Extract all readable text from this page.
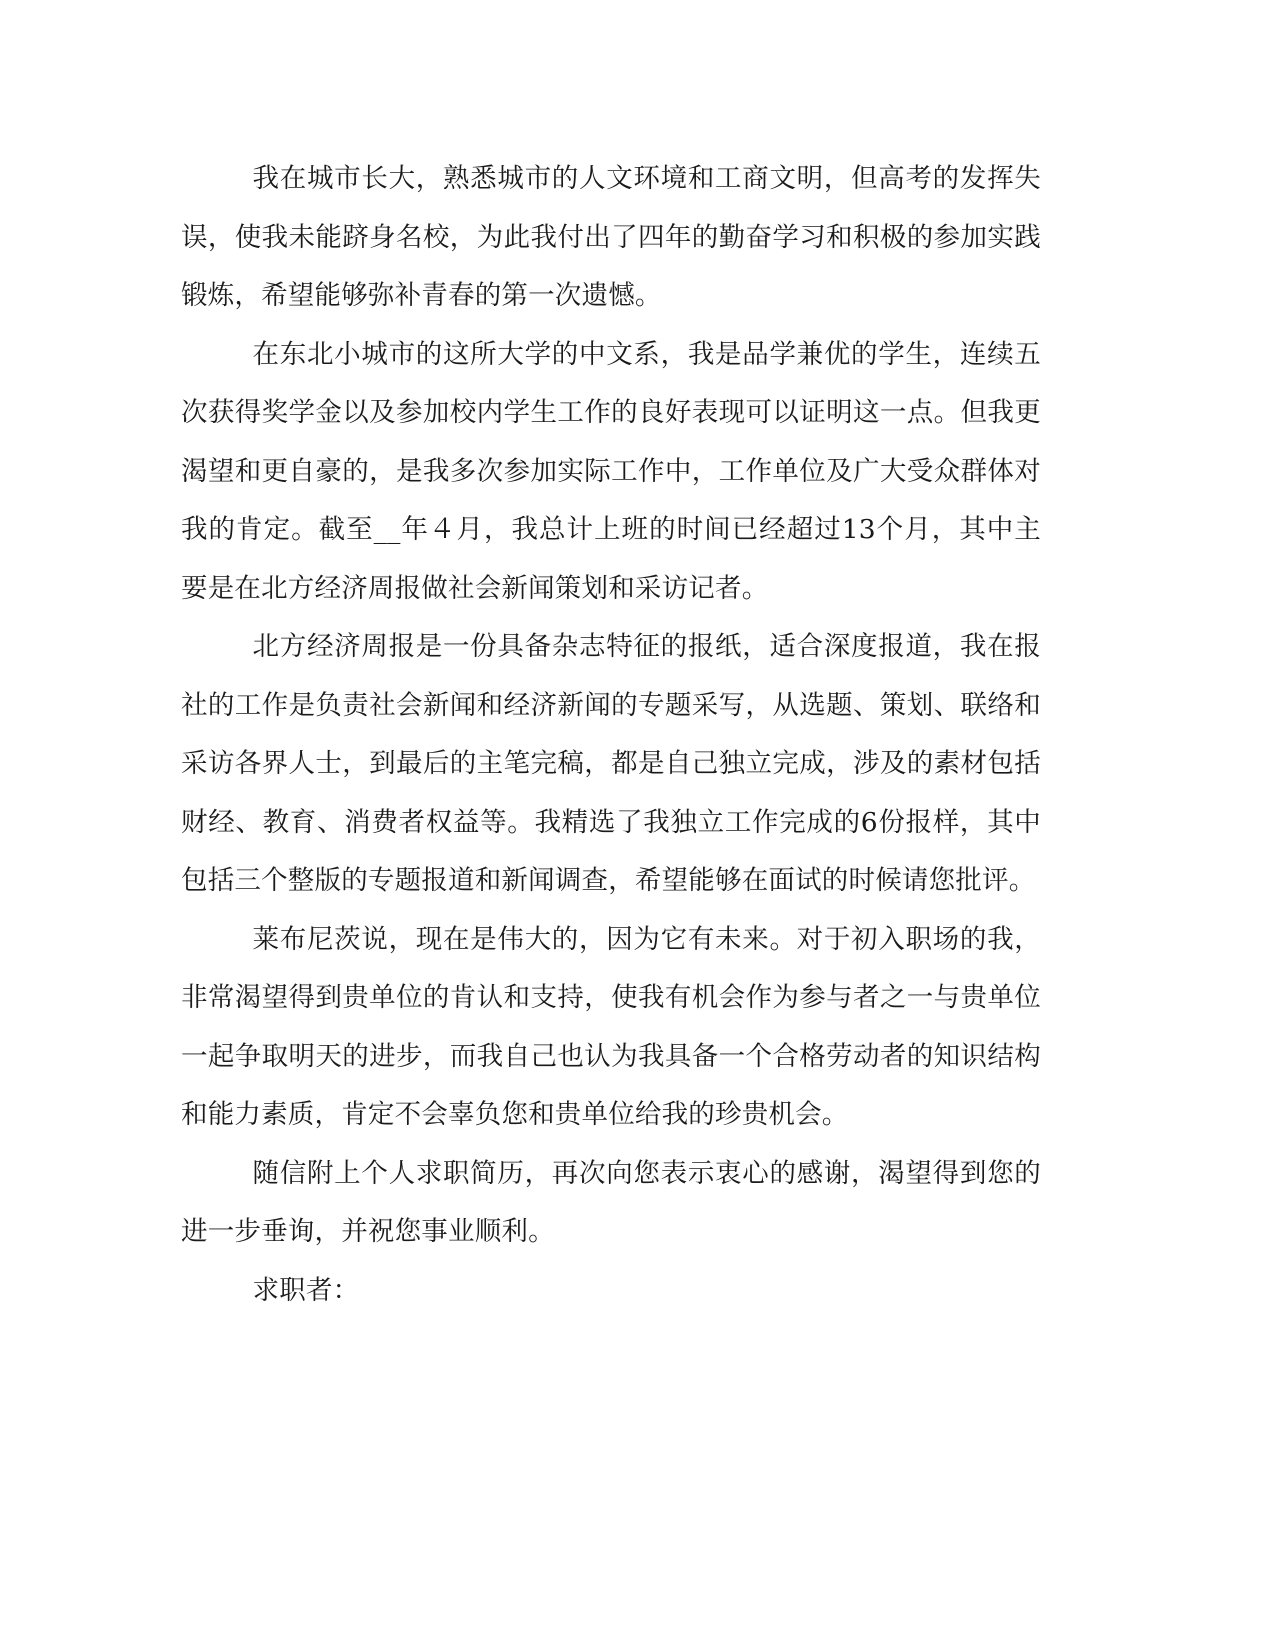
我在城市长大，熟悉城市的人文环境和工商文明，但高考的发挥失误，使我未能跻身名校，为此我付出了四年的勤奋学习和积极的参加实践锻炼，希望能够弥补青春的第一次遗憾。

在东北小城市的这所大学的中文系，我是品学兼优的学生，连续五次获得奖学金以及参加校内学生工作的良好表现可以证明这一点。但我更渴望和更自豪的，是我多次参加实际工作中，工作单位及广大受众群体对我的肯定。截至__年４月，我总计上班的时间已经超过13个月，其中主要是在北方经济周报做社会新闻策划和采访记者。

北方经济周报是一份具备杂志特征的报纸，适合深度报道，我在报社的工作是负责社会新闻和经济新闻的专题采写，从选题、策划、联络和采访各界人士，到最后的主笔完稿，都是自己独立完成，涉及的素材包括财经、教育、消费者权益等。我精选了我独立工作完成的6份报样，其中包括三个整版的专题报道和新闻调查，希望能够在面试的时候请您批评。

莱布尼茨说，现在是伟大的，因为它有未来。对于初入职场的我，非常渴望得到贵单位的肯认和支持，使我有机会作为参与者之一与贵单位一起争取明天的进步，而我自己也认为我具备一个合格劳动者的知识结构和能力素质，肯定不会辜负您和贵单位给我的珍贵机会。

随信附上个人求职简历，再次向您表示衷心的感谢，渴望得到您的进一步垂询，并祝您事业顺利。

求职者：
